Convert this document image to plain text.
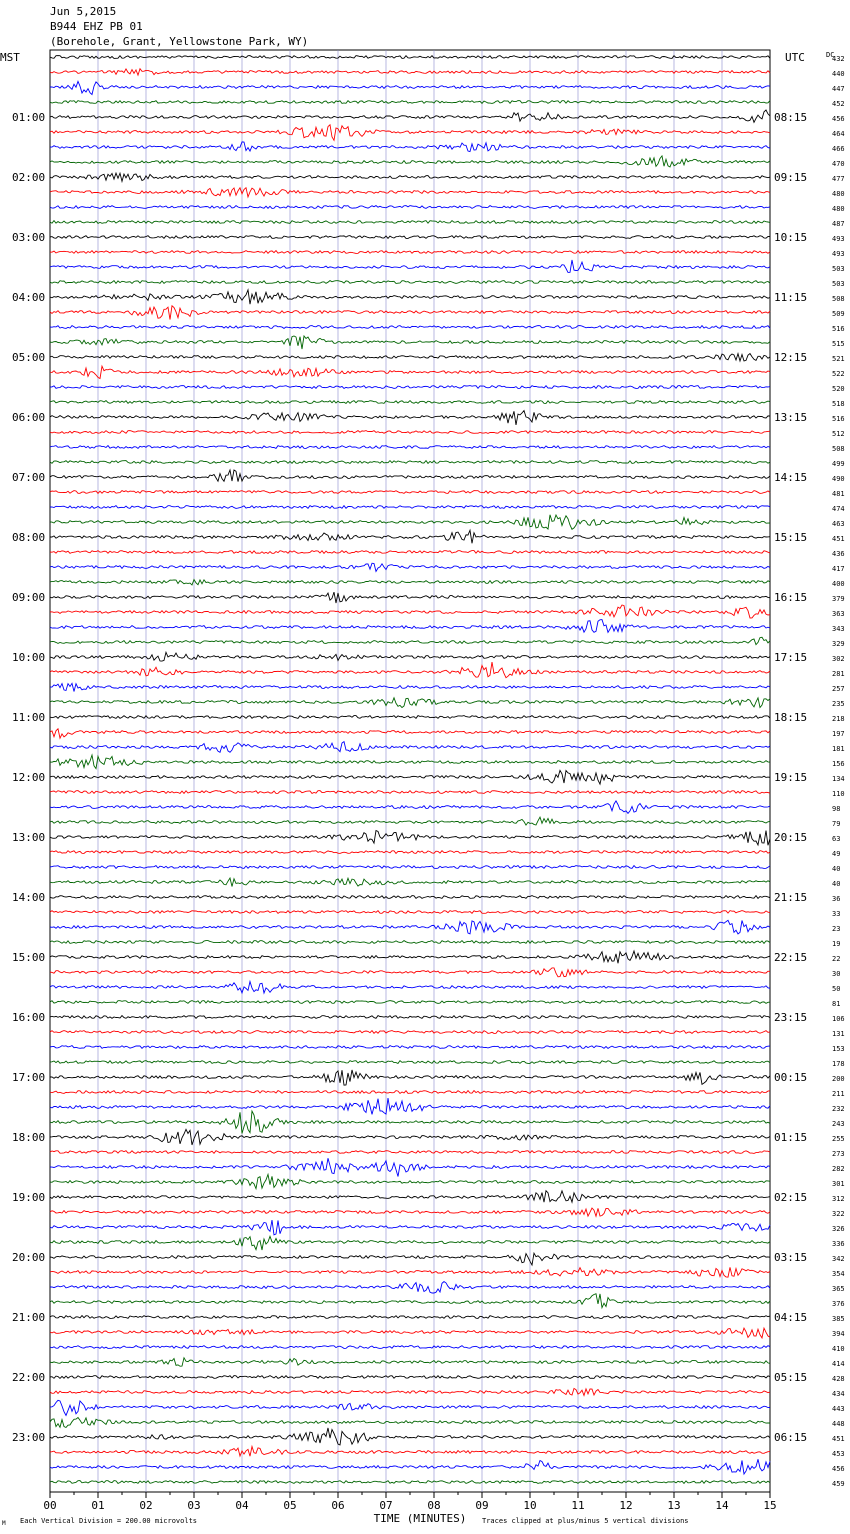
Jun 5,2015
B944 EHZ PB 01
(Borehole, Grant, Yellowstone Park, WY)
00	01	02	03	04	05	06	07	08	09	10	11	12	13	14	15
432
440
447
452
456
464
466
470
477
480
480
487
493
493
503
503
508
509
516
515
521
522
520
518
516
512
508
499
490
481
474
463
451
436
417
400
379
363
343
329
302
281
257
235
218
197
181
156
134
110
98
79
63
49
40
40
36
33
23
19
22
30
50
81
106
131
153
178
200
211
232
243
255
273
282
301
312
322
326
336
342
354
365
376
385
394
410
414
428
434
443
448
451
453
456
459
01:00
02:00
03:00
04:00
05:00
06:00
07:00
08:00
09:00
10:00
11:00
12:00
13:00
14:00
15:00
16:00
17:00
18:00
19:00
20:00
21:00
22:00
23:00
08:15
09:15
10:15
11:15
12:15
13:15
14:15
15:15
16:15
17:15
18:15
19:15
20:15
21:15
22:15
23:15
00:15
01:15
02:15
03:15
04:15
05:15
06:15
MST	UTC	DC
TIME (MINUTES)
Each Vertical Division = 200.00 microvolts	Traces clipped at plus/minus 5 vertical divisions
M
